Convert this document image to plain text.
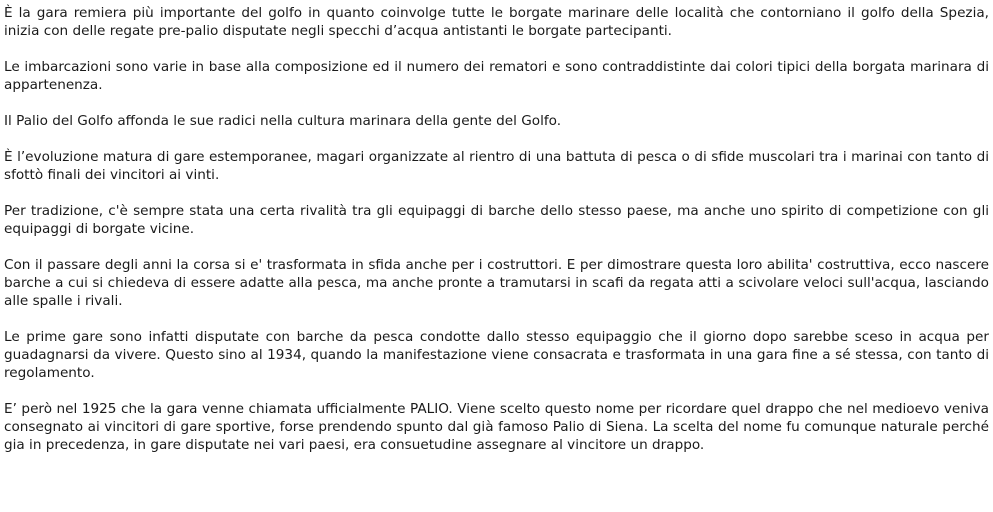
È la gara remiera più importante del golfo in quanto coinvolge tutte le borgate marinare delle località che contorniano il golfo della Spezia, inizia con delle regate pre-palio disputate negli specchi d’acqua antistanti le borgate partecipanti.

Le imbarcazioni sono varie in base alla composizione ed il numero dei rematori e sono contraddistinte dai colori tipici della borgata marinara di appartenenza.

Il Palio del Golfo affonda le sue radici nella cultura marinara della gente del Golfo.

È l’evoluzione matura di gare estemporanee, magari organizzate al rientro di una battuta di pesca o di sfide muscolari tra i marinai con tanto di sfottò finali dei vincitori ai vinti.

Per tradizione, c'è sempre stata una certa rivalità tra gli equipaggi di barche dello stesso paese, ma anche uno spirito di competizione con gli equipaggi di borgate vicine.

Con il passare degli anni la corsa si e' trasformata in sfida anche per i costruttori. E per dimostrare questa loro abilita' costruttiva, ecco nascere barche a cui si chiedeva di essere adatte alla pesca, ma anche pronte a tramutarsi in scafi da regata atti a scivolare veloci sull'acqua, lasciando alle spalle i rivali.

Le prime gare sono infatti disputate con barche da pesca condotte dallo stesso equipaggio che il giorno dopo sarebbe sceso in acqua per guadagnarsi da vivere. Questo sino al 1934, quando la manifestazione viene consacrata e trasformata in una gara fine a sé stessa, con tanto di regolamento.

E’ però nel 1925 che la gara venne chiamata ufficialmente PALIO. Viene scelto questo nome per ricordare quel drappo che nel medioevo veniva consegnato ai vincitori di gare sportive, forse prendendo spunto dal già famoso Palio di Siena. La scelta del nome fu comunque naturale perché gia in precedenza, in gare disputate nei vari paesi, era consuetudine assegnare al vincitore un drappo.
